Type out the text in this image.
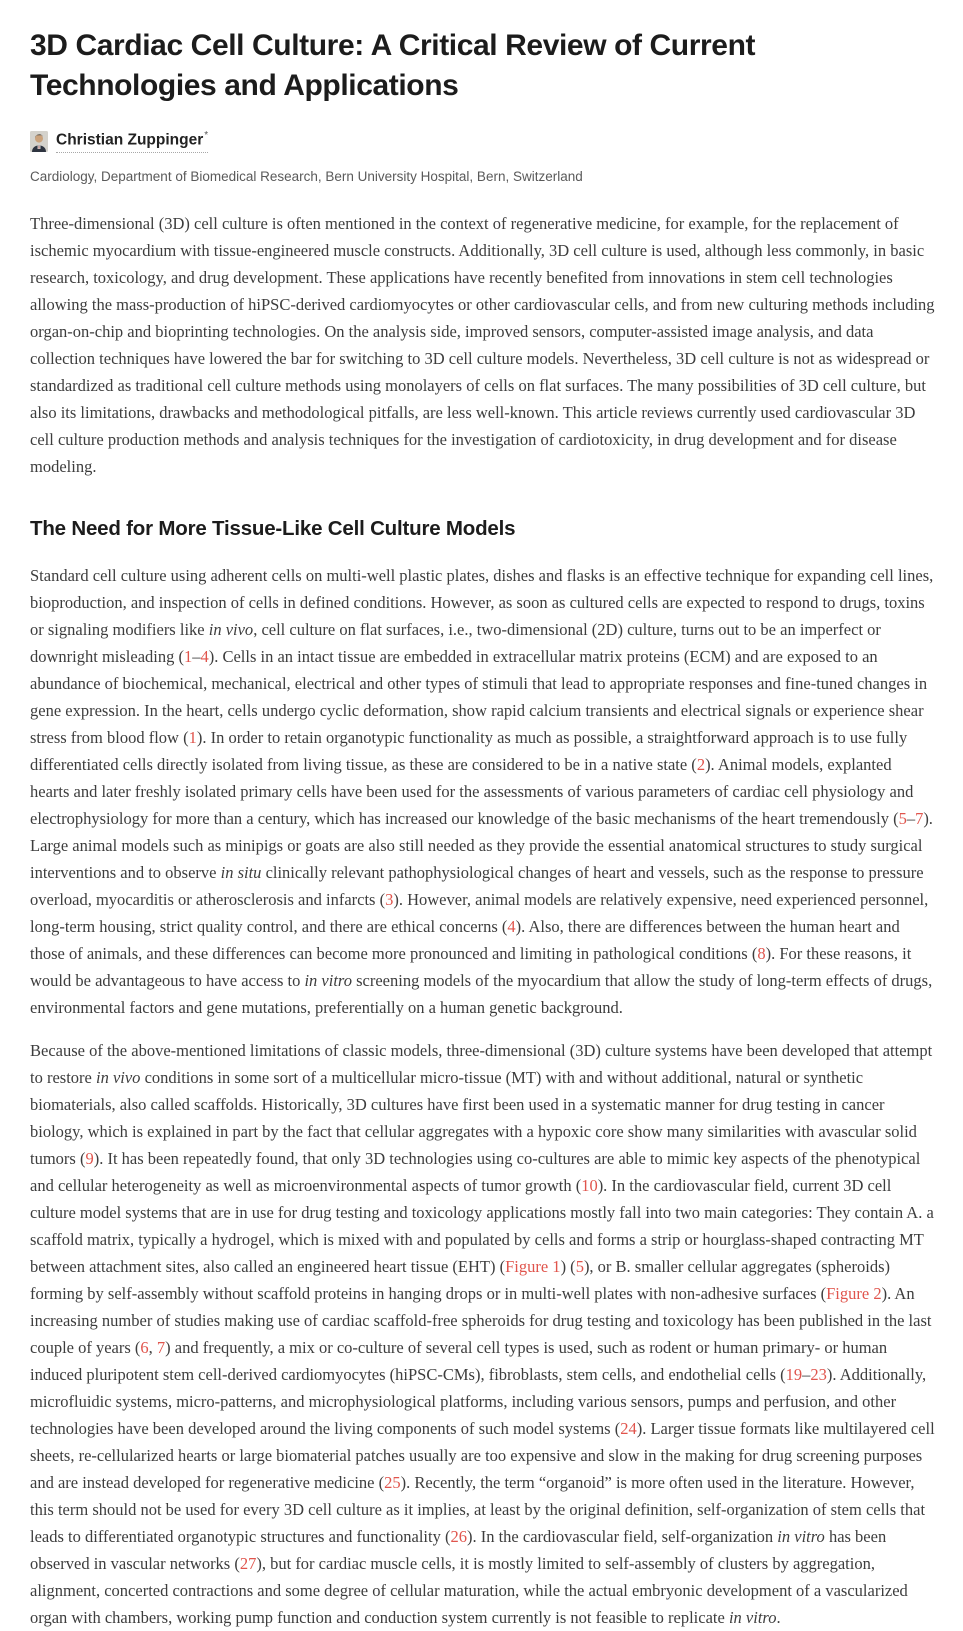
3D Cardiac Cell Culture: A Critical Review of Current Technologies and Applications
Christian Zuppinger*
Cardiology, Department of Biomedical Research, Bern University Hospital, Bern, Switzerland

Three-dimensional (3D) cell culture is often mentioned in the context of regenerative medicine, for example, for the replacement of ischemic myocardium with tissue-engineered muscle constructs. Additionally, 3D cell culture is used, although less commonly, in basic research, toxicology, and drug development. These applications have recently benefited from innovations in stem cell technologies allowing the mass-production of hiPSC-derived cardiomyocytes or other cardiovascular cells, and from new culturing methods including organ-on-chip and bioprinting technologies. On the analysis side, improved sensors, computer-assisted image analysis, and data collection techniques have lowered the bar for switching to 3D cell culture models. Nevertheless, 3D cell culture is not as widespread or standardized as traditional cell culture methods using monolayers of cells on flat surfaces. The many possibilities of 3D cell culture, but also its limitations, drawbacks and methodological pitfalls, are less well-known. This article reviews currently used cardiovascular 3D cell culture production methods and analysis techniques for the investigation of cardiotoxicity, in drug development and for disease modeling.

The Need for More Tissue-Like Cell Culture Models

Standard cell culture using adherent cells on multi-well plastic plates, dishes and flasks is an effective technique for expanding cell lines, bioproduction, and inspection of cells in defined conditions. However, as soon as cultured cells are expected to respond to drugs, toxins or signaling modifiers like in vivo, cell culture on flat surfaces, i.e., two-dimensional (2D) culture, turns out to be an imperfect or downright misleading (1–4). Cells in an intact tissue are embedded in extracellular matrix proteins (ECM) and are exposed to an abundance of biochemical, mechanical, electrical and other types of stimuli that lead to appropriate responses and fine-tuned changes in gene expression. In the heart, cells undergo cyclic deformation, show rapid calcium transients and electrical signals or experience shear stress from blood flow (1). In order to retain organotypic functionality as much as possible, a straightforward approach is to use fully differentiated cells directly isolated from living tissue, as these are considered to be in a native state (2). Animal models, explanted hearts and later freshly isolated primary cells have been used for the assessments of various parameters of cardiac cell physiology and electrophysiology for more than a century, which has increased our knowledge of the basic mechanisms of the heart tremendously (5–7). Large animal models such as minipigs or goats are also still needed as they provide the essential anatomical structures to study surgical interventions and to observe in situ clinically relevant pathophysiological changes of heart and vessels, such as the response to pressure overload, myocarditis or atherosclerosis and infarcts (3). However, animal models are relatively expensive, need experienced personnel, long-term housing, strict quality control, and there are ethical concerns (4). Also, there are differences between the human heart and those of animals, and these differences can become more pronounced and limiting in pathological conditions (8). For these reasons, it would be advantageous to have access to in vitro screening models of the myocardium that allow the study of long-term effects of drugs, environmental factors and gene mutations, preferentially on a human genetic background.

Because of the above-mentioned limitations of classic models, three-dimensional (3D) culture systems have been developed that attempt to restore in vivo conditions in some sort of a multicellular micro-tissue (MT) with and without additional, natural or synthetic biomaterials, also called scaffolds. Historically, 3D cultures have first been used in a systematic manner for drug testing in cancer biology, which is explained in part by the fact that cellular aggregates with a hypoxic core show many similarities with avascular solid tumors (9). It has been repeatedly found, that only 3D technologies using co-cultures are able to mimic key aspects of the phenotypical and cellular heterogeneity as well as microenvironmental aspects of tumor growth (10). In the cardiovascular field, current 3D cell culture model systems that are in use for drug testing and toxicology applications mostly fall into two main categories: They contain A. a scaffold matrix, typically a hydrogel, which is mixed with and populated by cells and forms a strip or hourglass-shaped contracting MT between attachment sites, also called an engineered heart tissue (EHT) (Figure 1) (5), or B. smaller cellular aggregates (spheroids) forming by self-assembly without scaffold proteins in hanging drops or in multi-well plates with non-adhesive surfaces (Figure 2). An increasing number of studies making use of cardiac scaffold-free spheroids for drug testing and toxicology has been published in the last couple of years (6, 7) and frequently, a mix or co-culture of several cell types is used, such as rodent or human primary- or human induced pluripotent stem cell-derived cardiomyocytes (hiPSC-CMs), fibroblasts, stem cells, and endothelial cells (19–23). Additionally, microfluidic systems, micro-patterns, and microphysiological platforms, including various sensors, pumps and perfusion, and other technologies have been developed around the living components of such model systems (24). Larger tissue formats like multilayered cell sheets, re-cellularized hearts or large biomaterial patches usually are too expensive and slow in the making for drug screening purposes and are instead developed for regenerative medicine (25). Recently, the term “organoid” is more often used in the literature. However, this term should not be used for every 3D cell culture as it implies, at least by the original definition, self-organization of stem cells that leads to differentiated organotypic structures and functionality (26). In the cardiovascular field, self-organization in vitro has been observed in vascular networks (27), but for cardiac muscle cells, it is mostly limited to self-assembly of clusters by aggregation, alignment, concerted contractions and some degree of cellular maturation, while the actual embryonic development of a vascularized organ with chambers, working pump function and conduction system currently is not feasible to replicate in vitro.
